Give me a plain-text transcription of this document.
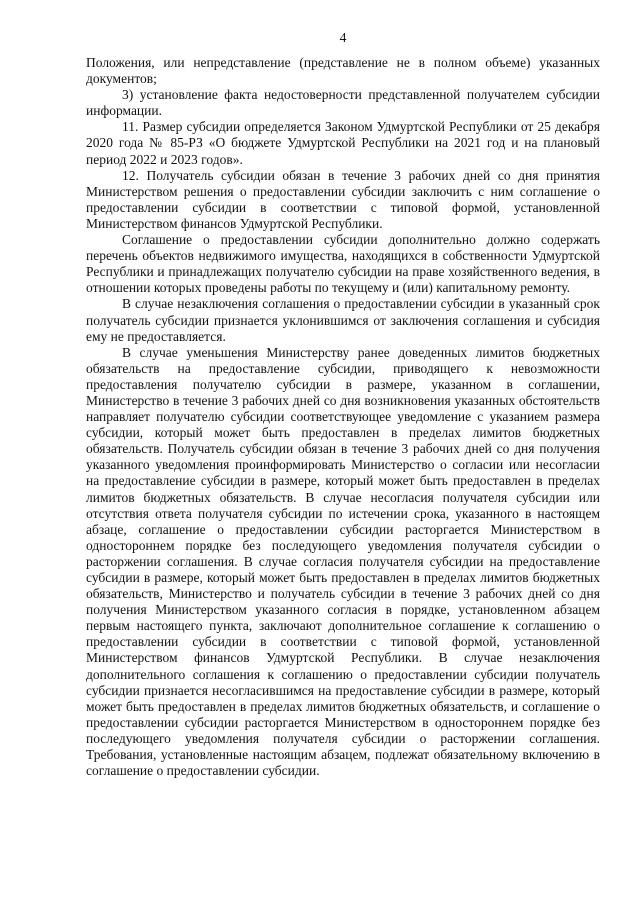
4

Положения, или непредставление (представление не в полном объеме) указанных документов;

3) установление факта недостоверности представленной получателем субсидии информации.

11. Размер субсидии определяется Законом Удмуртской Республики от 25 декабря 2020 года № 85-РЗ «О бюджете Удмуртской Республики на 2021 год и на плановый период 2022 и 2023 годов».

12. Получатель субсидии обязан в течение 3 рабочих дней со дня принятия Министерством решения о предоставлении субсидии заключить с ним соглашение о предоставлении субсидии в соответствии с типовой формой, установленной Министерством финансов Удмуртской Республики.

Соглашение о предоставлении субсидии дополнительно должно содержать перечень объектов недвижимого имущества, находящихся в собственности Удмуртской Республики и принадлежащих получателю субсидии на праве хозяйственного ведения, в отношении которых проведены работы по текущему и (или) капитальному ремонту.

В случае незаключения соглашения о предоставлении субсидии в указанный срок получатель субсидии признается уклонившимся от заключения соглашения и субсидия ему не предоставляется.

В случае уменьшения Министерству ранее доведенных лимитов бюджетных обязательств на предоставление субсидии, приводящего к невозможности предоставления получателю субсидии в размере, указанном в соглашении, Министерство в течение 3 рабочих дней со дня возникновения указанных обстоятельств направляет получателю субсидии соответствующее уведомление с указанием размера субсидии, который может быть предоставлен в пределах лимитов бюджетных обязательств. Получатель субсидии обязан в течение 3 рабочих дней со дня получения указанного уведомления проинформировать Министерство о согласии или несогласии на предоставление субсидии в размере, который может быть предоставлен в пределах лимитов бюджетных обязательств. В случае несогласия получателя субсидии или отсутствия ответа получателя субсидии по истечении срока, указанного в настоящем абзаце, соглашение о предоставлении субсидии расторгается Министерством в одностороннем порядке без последующего уведомления получателя субсидии о расторжении соглашения. В случае согласия получателя субсидии на предоставление субсидии в размере, который может быть предоставлен в пределах лимитов бюджетных обязательств, Министерство и получатель субсидии в течение 3 рабочих дней со дня получения Министерством указанного согласия в порядке, установленном абзацем первым настоящего пункта, заключают дополнительное соглашение к соглашению о предоставлении субсидии в соответствии с типовой формой, установленной Министерством финансов Удмуртской Республики. В случае незаключения дополнительного соглашения к соглашению о предоставлении субсидии получатель субсидии признается несогласившимся на предоставление субсидии в размере, который может быть предоставлен в пределах лимитов бюджетных обязательств, и соглашение о предоставлении субсидии расторгается Министерством в одностороннем порядке без последующего уведомления получателя субсидии о расторжении соглашения. Требования, установленные настоящим абзацем, подлежат обязательному включению в соглашение о предоставлении субсидии.
